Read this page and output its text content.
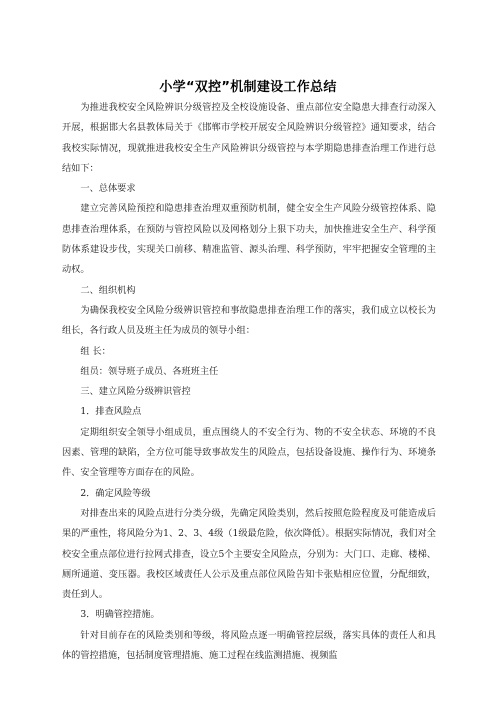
小学“双控”机制建设工作总结

为推进我校安全风险辨识分级管控及全校设施设备、重点部位安全隐患大排查行动深入开展，根据邯大名县教体局关于《邯郸市学校开展安全风险辨识分级管控》通知要求，结合我校实际情况，现就推进我校安全生产风险辨识分级管控与本学期隐患排查治理工作进行总结如下：

一、总体要求

建立完善风险预控和隐患排查治理双重预防机制，健全安全生产风险分级管控体系、隐患排查治理体系，在预防与管控风险以及网格划分上狠下功夫，加快推进安全生产、科学预防体系建设步伐，实现关口前移、精准监管、源头治理、科学预防，牢牢把握安全管理的主动权。

二、组织机构

为确保我校安全风险分级辨识管控和事故隐患排查治理工作的落实，我们成立以校长为组长，各行政人员及班主任为成员的领导小组：

组 长：

组员：领导班子成员、各班班主任

三、建立风险分级辨识管控

1．排查风险点

定期组织安全领导小组成员，重点围绕人的不安全行为、物的不安全状态、环境的不良因素、管理的缺陷，全方位可能导致事故发生的风险点，包括设备设施、操作行为、环境条件、安全管理等方面存在的风险。

2．确定风险等级

对排查出来的风险点进行分类分级，先确定风险类别，然后按照危险程度及可能造成后果的严重性，将风险分为1、2、3、4级（1级最危险，依次降低）。根据实际情况，我们对全校安全重点部位进行拉网式排查，设立5个主要安全风险点，分别为：大门口、走廊、楼梯、厕所通道、变压器。我校区域责任人公示及重点部位风险告知卡张贴相应位置，分配细致，责任到人。

3．明确管控措施。

针对目前存在的风险类别和等级，将风险点逐一明确管控层级，落实具体的责任人和具体的管控措施，包括制度管理措施、施工过程在线监测措施、视频监
